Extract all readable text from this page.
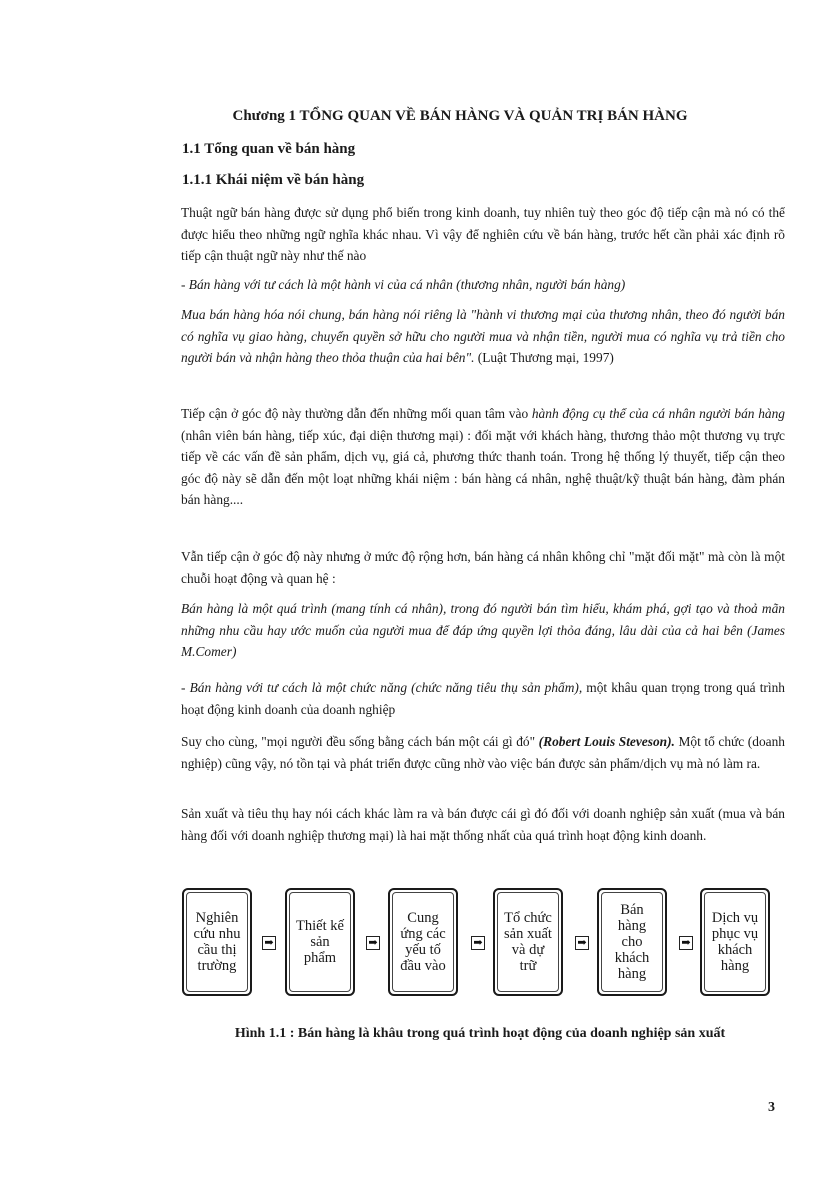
Chương 1 TỔNG QUAN VỀ BÁN HÀNG VÀ QUẢN TRỊ BÁN HÀNG
1.1 Tổng quan về bán hàng
1.1.1 Khái niệm về bán hàng
Thuật ngữ bán hàng được sử dụng phổ biến trong kinh doanh, tuy nhiên tuỳ theo góc độ tiếp cận mà nó có thể được hiểu theo những ngữ nghĩa khác nhau. Vì vậy để nghiên cứu về bán hàng, trước hết cần phải xác định rõ tiếp cận thuật ngữ này như thế nào
- Bán hàng với tư cách là một hành vi của cá nhân (thương nhân, người bán hàng)
Mua bán hàng hóa nói chung, bán hàng nói riêng là "hành vi thương mại của thương nhân, theo đó người bán có nghĩa vụ giao hàng, chuyển quyền sở hữu cho người mua và nhận tiền, người mua có nghĩa vụ trả tiền cho người bán và nhận hàng theo thỏa thuận của hai bên". (Luật Thương mại, 1997)
Tiếp cận ở góc độ này thường dẫn đến những mối quan tâm vào hành động cụ thể của cá nhân người bán hàng (nhân viên bán hàng, tiếp xúc, đại diện thương mại) : đối mặt với khách hàng, thương thảo một thương vụ trực tiếp về các vấn đề sản phẩm, dịch vụ, giá cả, phương thức thanh toán. Trong hệ thống lý thuyết, tiếp cận theo góc độ này sẽ dẫn đến một loạt những khái niệm : bán hàng cá nhân, nghệ thuật/kỹ thuật bán hàng, đàm phán bán hàng....
Vẫn tiếp cận ở góc độ này nhưng ở mức độ rộng hơn, bán hàng cá nhân không chỉ "mặt đối mặt" mà còn là một chuỗi hoạt động và quan hệ :
Bán hàng là một quá trình (mang tính cá nhân), trong đó người bán tìm hiểu, khám phá, gợi tạo và thoả mãn những nhu cầu hay ước muốn của người mua để đáp ứng quyền lợi thỏa đáng, lâu dài của cả hai bên (James M.Comer)
- Bán hàng với tư cách là một chức năng (chức năng tiêu thụ sản phẩm), một khâu quan trọng trong quá trình hoạt động kinh doanh của doanh nghiệp
Suy cho cùng, "mọi người đều sống bằng cách bán một cái gì đó" (Robert Louis Steveson). Một tổ chức (doanh nghiệp) cũng vậy, nó tồn tại và phát triển được cũng nhờ vào việc bán được sản phẩm/dịch vụ mà nó làm ra.
Sản xuất và tiêu thụ hay nói cách khác làm ra và bán được cái gì đó đối với doanh nghiệp sản xuất (mua và bán hàng đối với doanh nghiệp thương mại) là hai mặt thống nhất của quá trình hoạt động kinh doanh.
Nghiên
cứu nhu
cầu thị
trường
➡
Thiết kế
sản
phẩm
➡
Cung
ứng các
yếu tố
đầu vào
➡
Tổ chức
sản xuất
và dự
trữ
➡
Bán
hàng
cho
khách
hàng
➡
Dịch vụ
phục vụ
khách
hàng
Hình 1.1 : Bán hàng là khâu trong quá trình hoạt động của doanh nghiệp sản xuất
3
